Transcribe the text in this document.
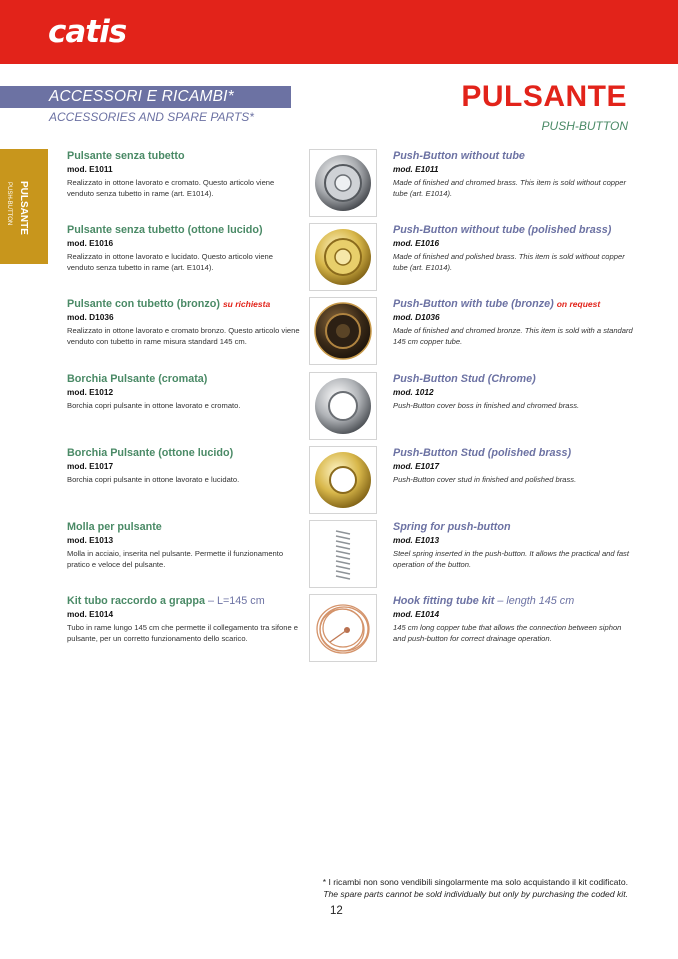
catis
ACCESSORI E RICAMBI*
ACCESSORIES AND SPARE PARTS*
PULSANTE
PUSH-BUTTON
PULSANTE
PUSH-BUTTON
Pulsante senza tubetto
mod. E1011
Realizzato in ottone lavorato e cromato. Questo articolo viene venduto senza tubetto in rame (art. E1014).
Push-Button without tube
mod. E1011
Made of finished and chromed brass. This item is sold without copper tube (art. E1014).
Pulsante senza tubetto (ottone lucido)
mod. E1016
Realizzato in ottone lavorato e lucidato. Questo articolo viene venduto senza tubetto in rame (art. E1014).
Push-Button without tube (polished brass)
mod. E1016
Made of finished and polished brass. This item is sold without copper tube (art. E1014).
Pulsante con tubetto (bronzo) su richiesta
mod. D1036
Realizzato in ottone lavorato e cromato bronzo. Questo articolo viene venduto con tubetto in rame misura standard 145 cm.
Push-Button with tube (bronze) on request
mod. D1036
Made of finished and chromed bronze. This item is sold with a standard 145 cm copper tube.
Borchia Pulsante (cromata)
mod. E1012
Borchia copri pulsante in ottone lavorato e cromato.
Push-Button Stud (Chrome)
mod. 1012
Push-Button cover boss in finished and chromed brass.
Borchia Pulsante (ottone lucido)
mod. E1017
Borchia copri pulsante in ottone lavorato e lucidato.
Push-Button Stud (polished brass)
mod. E1017
Push-Button cover stud in finished and polished brass.
Molla per pulsante
mod. E1013
Molla in acciaio, inserita nel pulsante. Permette il funzionamento pratico e veloce del pulsante.
Spring for push-button
mod. E1013
Steel spring inserted in the push-button. It allows the practical and fast operation of the button.
Kit tubo raccordo a grappa – L=145 cm
mod. E1014
Tubo in rame lungo 145 cm che permette il collegamento tra sifone e pulsante, per un corretto funzionamento dello scarico.
Hook fitting tube kit – length 145 cm
mod. E1014
145 cm long copper tube that allows the connection between siphon and push-button for correct drainage operation.
* I ricambi non sono vendibili singolarmente ma solo acquistando il kit codificato.
The spare parts cannot be sold individually but only by purchasing the coded kit.
12
